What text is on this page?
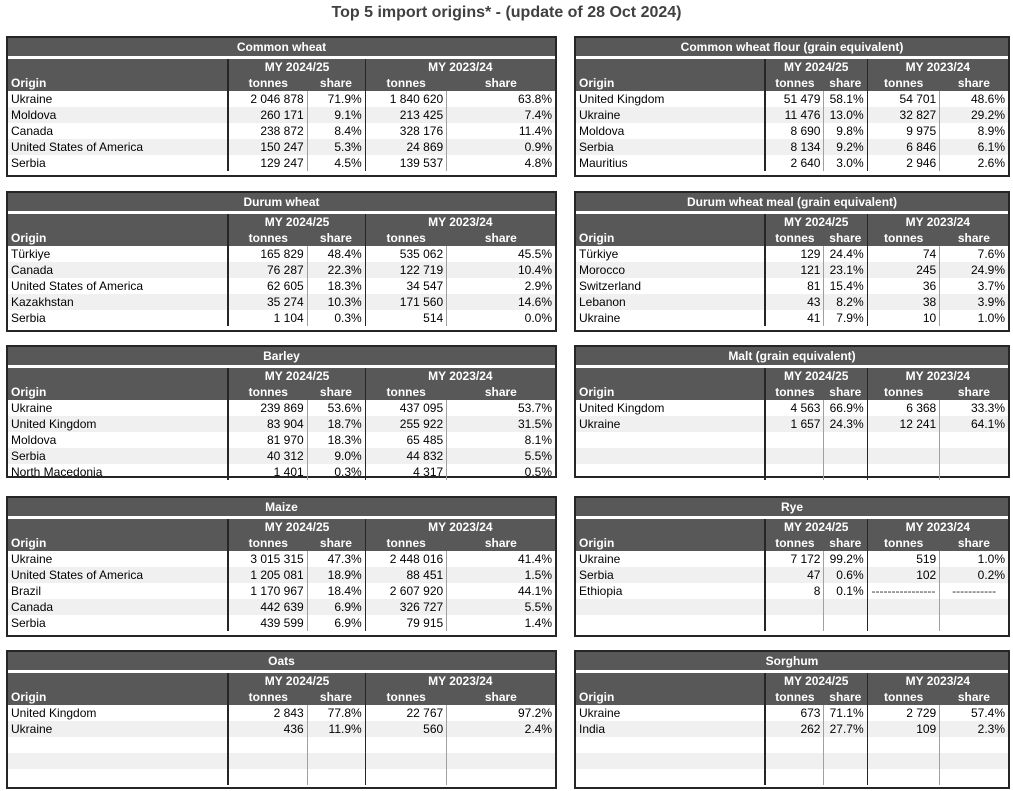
Top 5 import origins* - (update of 28 Oct 2024)
Common wheat				

	MY 2024/25		MY 2023/24	
Origin	tonnes	share	tonnes	share
Ukraine	2 046 878	71.9%	1 840 620	63.8%
Moldova	260 171	9.1%	213 425	7.4%
Canada	238 872	8.4%	328 176	11.4%
United States of America	150 247	5.3%	24 869	0.9%
Serbia	129 247	4.5%	139 537	4.8%
Common wheat flour (grain equivalent)				

	MY 2024/25		MY 2023/24	
Origin	tonnes	share	tonnes	share
United Kingdom	51 479	58.1%	54 701	48.6%
Ukraine	11 476	13.0%	32 827	29.2%
Moldova	8 690	9.8%	9 975	8.9%
Serbia	8 134	9.2%	6 846	6.1%
Mauritius	2 640	3.0%	2 946	2.6%
Durum wheat				

	MY 2024/25		MY 2023/24	
Origin	tonnes	share	tonnes	share
Türkiye	165 829	48.4%	535 062	45.5%
Canada	76 287	22.3%	122 719	10.4%
United States of America	62 605	18.3%	34 547	2.9%
Kazakhstan	35 274	10.3%	171 560	14.6%
Serbia	1 104	0.3%	514	0.0%
Durum wheat meal (grain equivalent)				

	MY 2024/25		MY 2023/24	
Origin	tonnes	share	tonnes	share
Türkiye	129	24.4%	74	7.6%
Morocco	121	23.1%	245	24.9%
Switzerland	81	15.4%	36	3.7%
Lebanon	43	8.2%	38	3.9%
Ukraine	41	7.9%	10	1.0%
Barley				

	MY 2024/25		MY 2023/24	
Origin	tonnes	share	tonnes	share
Ukraine	239 869	53.6%	437 095	53.7%
United Kingdom	83 904	18.7%	255 922	31.5%
Moldova	81 970	18.3%	65 485	8.1%
Serbia	40 312	9.0%	44 832	5.5%
North Macedonia	1 401	0.3%	4 317	0.5%
Malt (grain equivalent)				

	MY 2024/25		MY 2023/24	
Origin	tonnes	share	tonnes	share
United Kingdom	4 563	66.9%	6 368	33.3%
Ukraine	1 657	24.3%	12 241	64.1%

Maize				

	MY 2024/25		MY 2023/24	
Origin	tonnes	share	tonnes	share
Ukraine	3 015 315	47.3%	2 448 016	41.4%
United States of America	1 205 081	18.9%	88 451	1.5%
Brazil	1 170 967	18.4%	2 607 920	44.1%
Canada	442 639	6.9%	326 727	5.5%
Serbia	439 599	6.9%	79 915	1.4%
Rye				

	MY 2024/25		MY 2023/24	
Origin	tonnes	share	tonnes	share
Ukraine	7 172	99.2%	519	1.0%
Serbia	47	0.6%	102	0.2%
Ethiopia	8	0.1%	----------------	-----------

Oats				

	MY 2024/25		MY 2023/24	
Origin	tonnes	share	tonnes	share
United Kingdom	2 843	77.8%	22 767	97.2%
Ukraine	436	11.9%	560	2.4%

Sorghum				

	MY 2024/25		MY 2023/24	
Origin	tonnes	share	tonnes	share
Ukraine	673	71.1%	2 729	57.4%
India	262	27.7%	109	2.3%
